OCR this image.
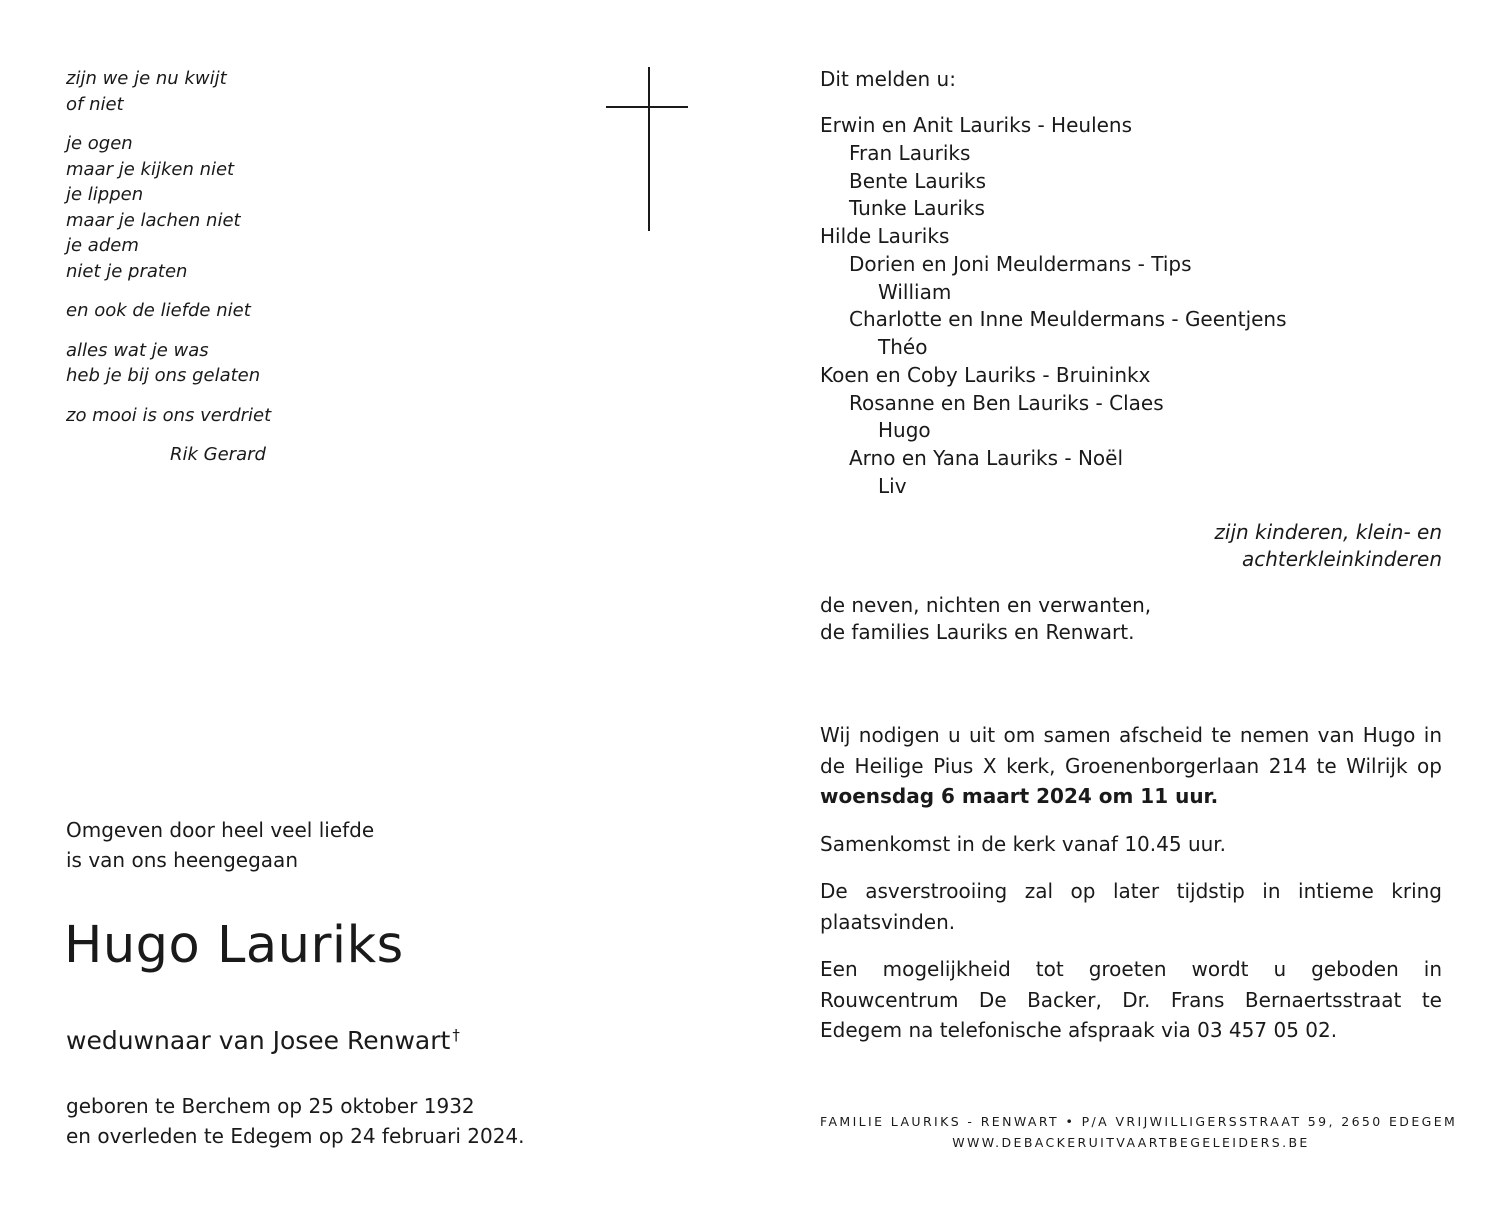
zijn we je nu kwijt
of niet
je ogen
maar je kijken niet
je lippen
maar je lachen niet
je adem
niet je praten
en ook de liefde niet
alles wat je was
heb je bij ons gelaten
zo mooi is ons verdriet
Rik Gerard
Omgeven door heel veel liefde
is van ons heengegaan
Hugo Lauriks
weduwnaar van Josee Renwart †
geboren te Berchem op 25 oktober 1932
en overleden te Edegem op 24 februari 2024.
Dit melden u:
Erwin en Anit Lauriks - Heulens
Fran Lauriks
Bente Lauriks
Tunke Lauriks
Hilde Lauriks
Dorien en Joni Meuldermans - Tips
William
Charlotte en Inne Meuldermans - Geentjens
Théo
Koen en Coby Lauriks - Bruininkx
Rosanne en Ben Lauriks - Claes
Hugo
Arno en Yana Lauriks - Noël
Liv
zijn kinderen, klein- en
achterkleinkinderen
de neven, nichten en verwanten,
de families Lauriks en Renwart.

Wij nodigen u uit om samen afscheid te nemen van Hugo in de Heilige Pius X kerk, Groenenborgerlaan 214 te Wilrijk op woensdag 6 maart 2024 om 11 uur.

Samenkomst in de kerk vanaf 10.45 uur.

De asverstrooiing zal op later tijdstip in intieme kring plaatsvinden.

Een mogelijkheid tot groeten wordt u geboden in Rouwcentrum De Backer, Dr. Frans Bernaertsstraat te Edegem na telefonische afspraak via 03 457 05 02.

FAMILIE LAURIKS - RENWART • P/A VRIJWILLIGERSSTRAAT 59, 2650 EDEGEM
WWW.DEBACKERUITVAARTBEGELEIDERS.BE
